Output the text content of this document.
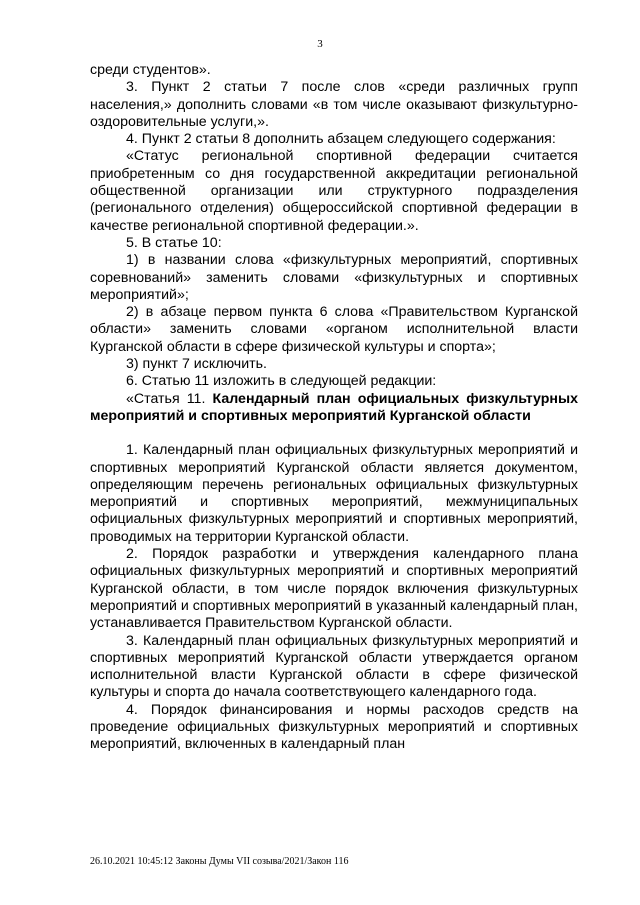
3

среди студентов».

3. Пункт 2 статьи 7 после слов «среди различных групп населения,» дополнить словами «в том числе оказывают физкультурно-оздоровительные услуги,».

4. Пункт 2 статьи 8 дополнить абзацем следующего содержания:

«Статус региональной спортивной федерации считается приобретенным со дня государственной аккредитации региональной общественной организации или структурного подразделения (регионального отделения) общероссийской спортивной федерации в качестве региональной спортивной федерации.».

5. В статье 10:

1) в названии слова «физкультурных мероприятий, спортивных соревнований» заменить словами «физкультурных и спортивных мероприятий»;

2) в абзаце первом пункта 6 слова «Правительством Курганской области» заменить словами «органом исполнительной власти Курганской области в сфере физической культуры и спорта»;

3) пункт 7 исключить.

6. Статью 11 изложить в следующей редакции:

«Статья 11. Календарный план официальных физкультурных мероприятий и спортивных мероприятий Курганской области

1. Календарный план официальных физкультурных мероприятий и спортивных мероприятий Курганской области является документом, определяющим перечень региональных официальных физкультурных мероприятий и спортивных мероприятий, межмуниципальных официальных физкультурных мероприятий и спортивных мероприятий, проводимых на территории Курганской области.

2. Порядок разработки и утверждения календарного плана официальных физкультурных мероприятий и спортивных мероприятий Курганской области, в том числе порядок включения физкультурных мероприятий и спортивных мероприятий в указанный календарный план, устанавливается Правительством Курганской области.

3. Календарный план официальных физкультурных мероприятий и спортивных мероприятий Курганской области утверждается органом исполнительной власти Курганской области в сфере физической культуры и спорта до начала соответствующего календарного года.

4. Порядок финансирования и нормы расходов средств на проведение официальных физкультурных мероприятий и спортивных мероприятий, включенных в календарный план

26.10.2021 10:45:12 Законы Думы VII созыва/2021/Закон 116
